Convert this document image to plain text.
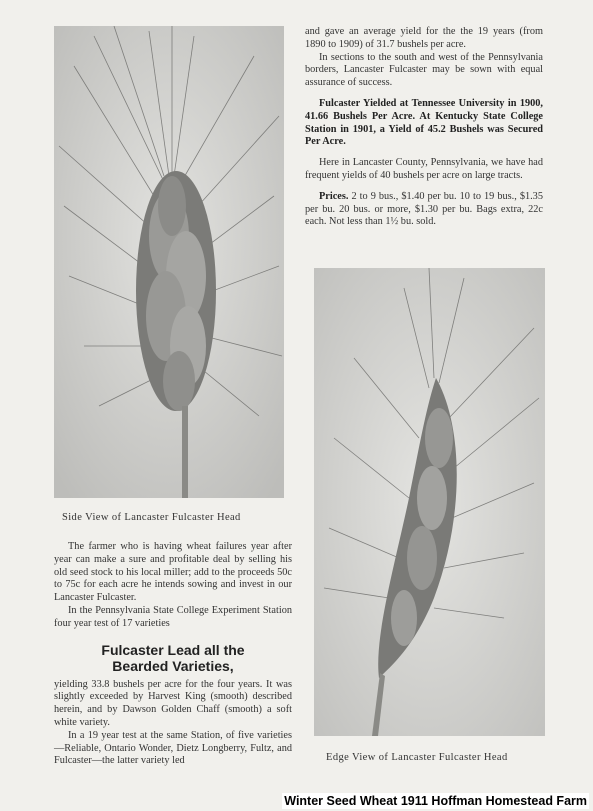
Side View of Lancaster Fulcaster Head

and gave an average yield for the the 19 years (from 1890 to 1909) of 31.7 bushels per acre.

In sections to the south and west of the Pennsylvania borders, Lancaster Fulcaster may be sown with equal assurance of success.

Fulcaster Yielded at Tennessee University in 1900, 41.66 Bushels Per Acre. At Kentucky State College Station in 1901, a Yield of 45.2 Bushels was Secured Per Acre.

Here in Lancaster County, Pennsylvania, we have had frequent yields of 40 bushels per acre on large tracts.

Prices. 2 to 9 bus., $1.40 per bu. 10 to 19 bus., $1.35 per bu. 20 bus. or more, $1.30 per bu. Bags extra, 22c each. Not less than 1½ bu. sold.

Edge View of Lancaster Fulcaster Head

The farmer who is having wheat failures year after year can make a sure and profitable deal by selling his old seed stock to his local miller; add to the proceeds 50c to 75c for each acre he intends sowing and invest in our Lancaster Fulcaster.

In the Pennsylvania State College Experiment Station four year test of 17 varieties

Fulcaster Lead all the
Bearded Varieties,

yielding 33.8 bushels per acre for the four years. It was slightly exceeded by Harvest King (smooth) described herein, and by Dawson Golden Chaff (smooth) a soft white variety.

In a 19 year test at the same Station, of five varieties—Reliable, Ontario Wonder, Dietz Longberry, Fultz, and Fulcaster—the latter variety led

Winter Seed Wheat 1911 Hoffman Homestead Farm
